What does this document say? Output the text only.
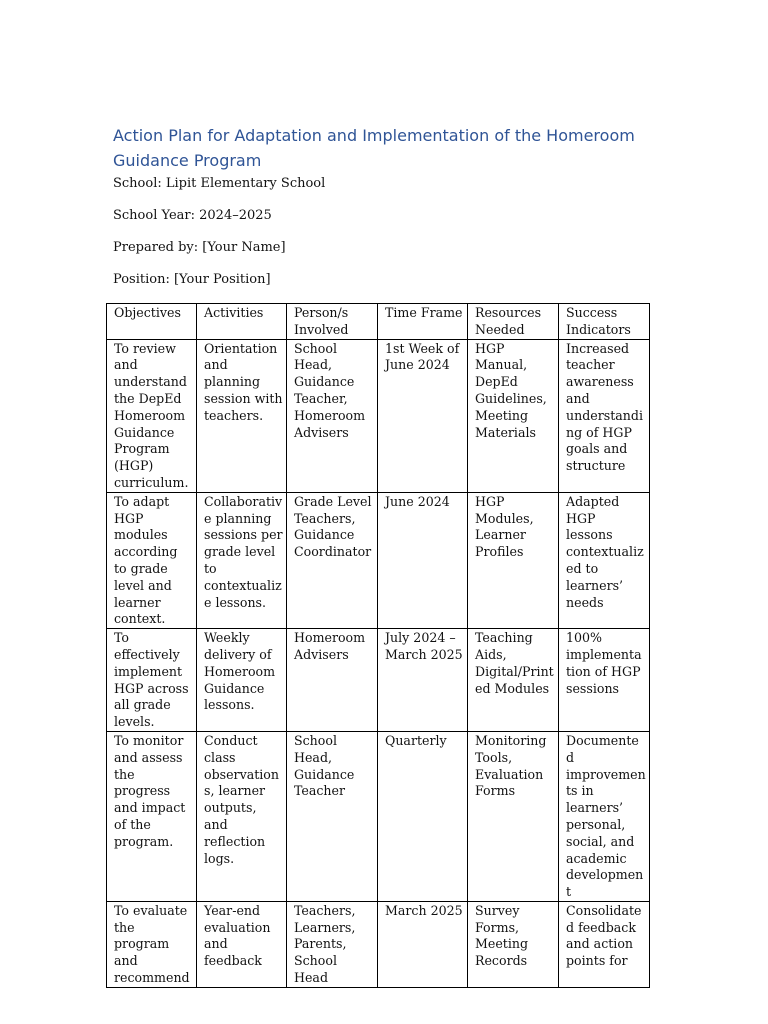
Action Plan for Adaptation and Implementation of the Homeroom Guidance Program

School: Lipit Elementary School

School Year: 2024–2025

Prepared by: [Your Name]

Position: [Your Position]

Objectives	Activities	Person/s Involved	Time Frame	Resources Needed	Success Indicators
To review and understand the DepEd Homeroom Guidance Program (HGP) curriculum.	Orientation and planning session with teachers.	School Head, Guidance Teacher, Homeroom Advisers	1st Week of June 2024	HGP Manual, DepEd Guidelines, Meeting Materials	Increased teacher awareness and understanding of HGP goals and structure
To adapt HGP modules according to grade level and learner context.	Collaborative planning sessions per grade level to contextualize lessons.	Grade Level Teachers, Guidance Coordinator	June 2024	HGP Modules, Learner Profiles	Adapted HGP lessons contextualized to learners’ needs
To effectively implement HGP across all grade levels.	Weekly delivery of Homeroom Guidance lessons.	Homeroom Advisers	July 2024 – March 2025	Teaching Aids, Digital/Printed Modules	100% implementation of HGP sessions
To monitor and assess the progress and impact of the program.	Conduct class observations, learner outputs, and reflection logs.	School Head, Guidance Teacher	Quarterly	Monitoring Tools, Evaluation Forms	Documented improvements in learners’ personal, social, and academic development
To evaluate the program and recommend	Year-end evaluation and feedback	Teachers, Learners, Parents, School Head	March 2025	Survey Forms, Meeting Records	Consolidated feedback and action points for
